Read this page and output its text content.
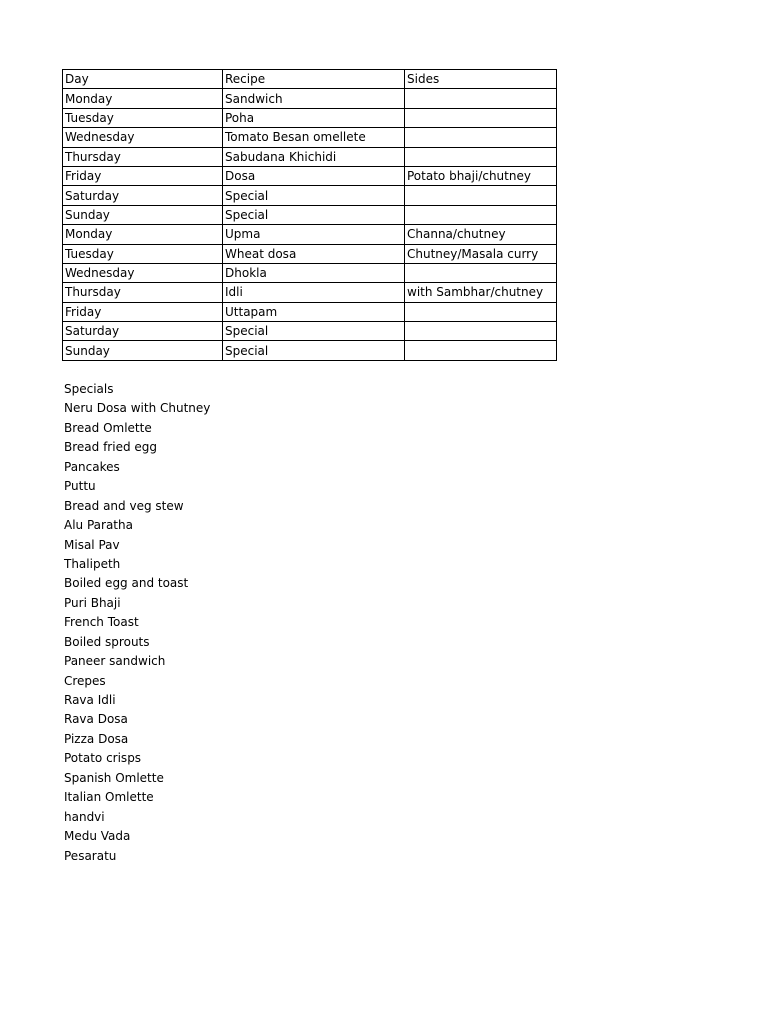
Day	Recipe	Sides
Monday	Sandwich	
Tuesday	Poha	
Wednesday	Tomato Besan omellete	
Thursday	Sabudana Khichidi	
Friday	Dosa	Potato bhaji/chutney
Saturday	Special	
Sunday	Special	
Monday	Upma	Channa/chutney
Tuesday	Wheat dosa	Chutney/Masala curry
Wednesday	Dhokla	
Thursday	Idli	with Sambhar/chutney
Friday	Uttapam	
Saturday	Special	
Sunday	Special	
Specials
Neru Dosa with Chutney
Bread Omlette
Bread fried egg
Pancakes
Puttu
Bread and veg stew
Alu Paratha
Misal Pav
Thalipeth
Boiled egg and toast
Puri Bhaji
French Toast
Boiled sprouts
Paneer sandwich
Crepes
Rava Idli
Rava Dosa
Pizza Dosa
Potato crisps
Spanish Omlette
Italian Omlette
handvi
Medu Vada
Pesaratu
